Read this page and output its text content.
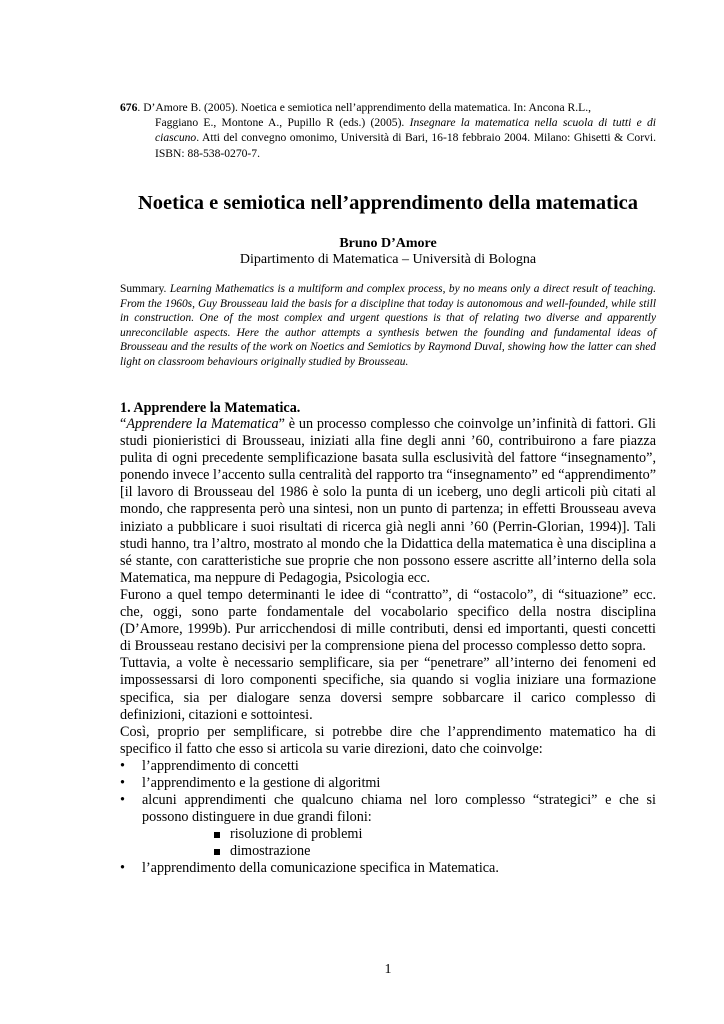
676. D’Amore B. (2005). Noetica e semiotica nell’apprendimento della matematica. In: Ancona R.L.,
Faggiano E., Montone A., Pupillo R (eds.) (2005). Insegnare la matematica nella scuola di tutti e di ciascuno. Atti del convegno omonimo, Università di Bari, 16-18 febbraio 2004. Milano: Ghisetti & Corvi. ISBN: 88-538-0270-7.
Noetica e semiotica nell’apprendimento della matematica
Bruno D’Amore
Dipartimento di Matematica – Università di Bologna
Summary. Learning Mathematics is a multiform and complex process, by no means only a direct result of teaching. From the 1960s, Guy Brousseau laid the basis for a discipline that today is autonomous and well-founded, while still in construction. One of the most complex and urgent questions is that of relating two diverse and apparently unreconcilable aspects. Here the author attempts a synthesis betwen the founding and fundamental ideas of Brousseau and the results of the work on Noetics and Semiotics by Raymond Duval, showing how the latter can shed light on classroom behaviours originally studied by Brousseau.
1. Apprendere la Matematica.

“Apprendere la Matematica” è un processo complesso che coinvolge un’infinità di fattori. Gli studi pionieristici di Brousseau, iniziati alla fine degli anni ’60, contribuirono a fare piazza pulita di ogni precedente semplificazione basata sulla esclusività del fattore “insegnamento”, ponendo invece l’accento sulla centralità del rapporto tra “insegnamento” ed “apprendimento” [il lavoro di Brousseau del 1986 è solo la punta di un iceberg, uno degli articoli più citati al mondo, che rappresenta però una sintesi, non un punto di partenza; in effetti Brousseau aveva iniziato a pubblicare i suoi risultati di ricerca già negli anni ’60 (Perrin-Glorian, 1994)]. Tali studi hanno, tra l’altro, mostrato al mondo che la Didattica della matematica è una disciplina a sé stante, con caratteristiche sue proprie che non possono essere ascritte all’interno della sola Matematica, ma neppure di Pedagogia, Psicologia ecc.

Furono a quel tempo determinanti le idee di “contratto”, di “ostacolo”, di “situazione” ecc. che, oggi, sono parte fondamentale del vocabolario specifico della nostra disciplina (D’Amore, 1999b). Pur arricchendosi di mille contributi, densi ed importanti, questi concetti di Brousseau restano decisivi per la comprensione piena del processo complesso detto sopra.

Tuttavia, a volte è necessario semplificare, sia per “penetrare” all’interno dei fenomeni ed impossessarsi di loro componenti specifiche, sia quando si voglia iniziare una formazione specifica, sia per dialogare senza doversi sempre sobbarcare il carico complesso di definizioni, citazioni e sottointesi.

Così, proprio per semplificare, si potrebbe dire che l’apprendimento matematico ha di specifico il fatto che esso si articola su varie direzioni, dato che coinvolge:

•	l’apprendimento di concetti
•	l’apprendimento e la gestione di algoritmi
•	alcuni apprendimenti che qualcuno chiama nel loro complesso “strategici” e che si possono distinguere in due grandi filoni:
risoluzione di problemi
dimostrazione
•	l’apprendimento della comunicazione specifica in Matematica.
1
